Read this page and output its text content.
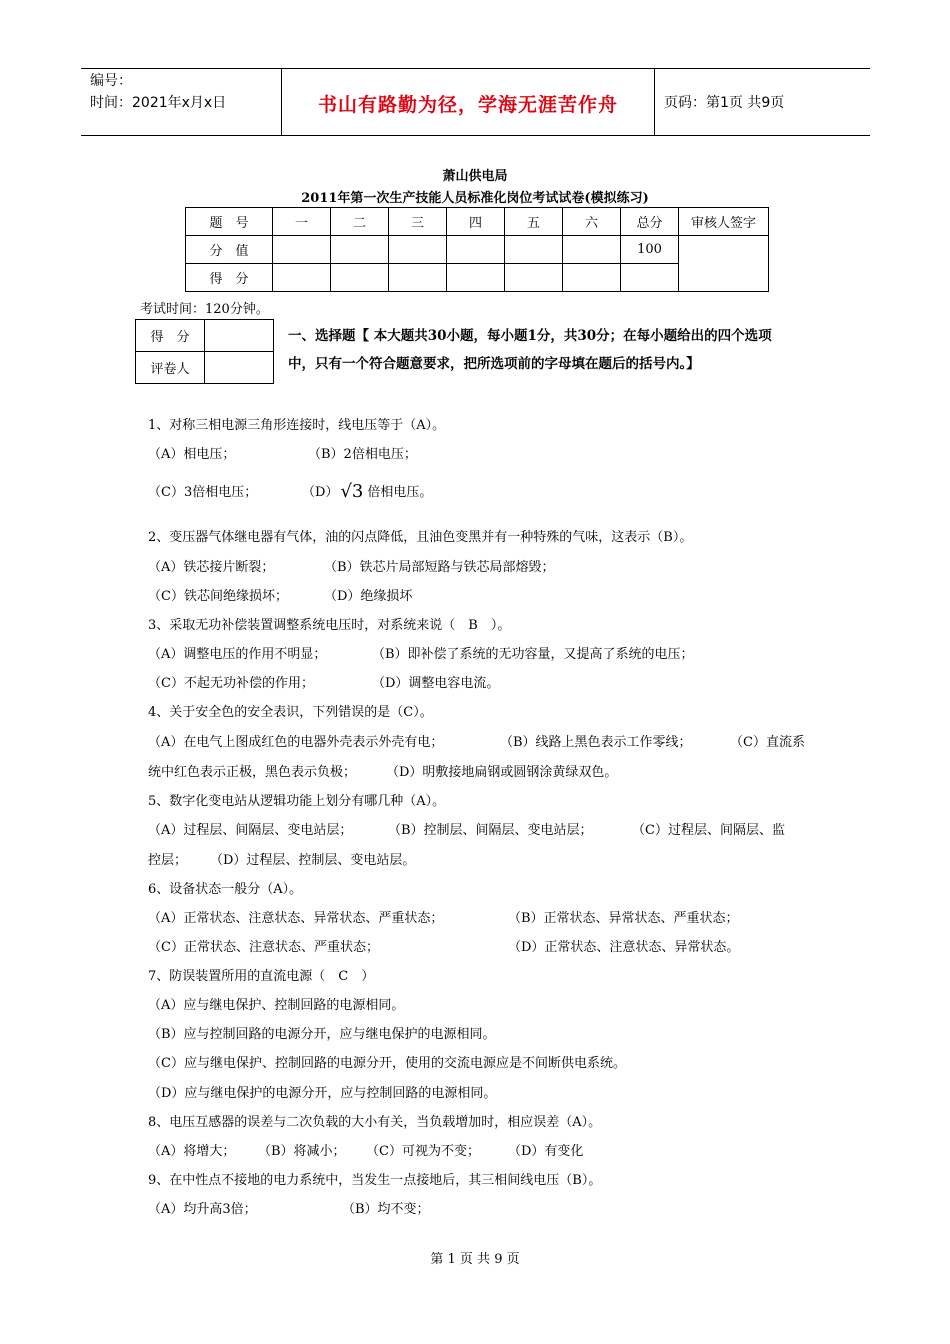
编号：
时间：2021年x月x日	书山有路勤为径，学海无涯苦作舟	页码：第1页 共9页
萧山供电局
2011年第一次生产技能人员标准化岗位考试试卷(模拟练习)
题　号	一	二	三	四	五	六	总分	审核人签字
分　值							100	
得　分								
考试时间：120分钟。
得　分	
评卷人	
一、选择题【 本大题共30小题，每小题1分，共30分；在每小题给出的四个选项
中，只有一个符合题意要求，把所选项前的字母填在题后的括号内。】
1、对称三相电源三角形连接时，线电压等于（A）。
（A）相电压；	（B）2倍相电压；
（C）3倍相电压；	（D） √3 倍相电压。
2、变压器气体继电器有气体，油的闪点降低，且油色变黑并有一种特殊的气味，这表示（B）。
（A）铁芯接片断裂；	（B）铁芯片局部短路与铁芯局部熔毁；
（C）铁芯间绝缘损坏；	（D）绝缘损坏
3、采取无功补偿装置调整系统电压时，对系统来说（　B　）。
（A）调整电压的作用不明显；	（B）即补偿了系统的无功容量，又提高了系统的电压；
（C）不起无功补偿的作用；	（D）调整电容电流。
4、关于安全色的安全表识，下列错误的是（C）。
（A）在电气上图成红色的电器外壳表示外壳有电；	（B）线路上黑色表示工作零线；	（C）直流系
统中红色表示正极，黑色表示负极； （D）明敷接地扁钢或圆钢涂黄绿双色。
5、数字化变电站从逻辑功能上划分有哪几种（A）。
（A）过程层、间隔层、变电站层；	（B）控制层、间隔层、变电站层；	（C）过程层、间隔层、监
控层； （D）过程层、控制层、变电站层。
6、设备状态一般分（A）。
（A）正常状态、注意状态、异常状态、严重状态；	（B）正常状态、异常状态、严重状态；
（C）正常状态、注意状态、严重状态；	（D）正常状态、注意状态、异常状态。
7、防误装置所用的直流电源（　C　）
（A）应与继电保护、控制回路的电源相同。
（B）应与控制回路的电源分开，应与继电保护的电源相同。
（C）应与继电保护、控制回路的电源分开，使用的交流电源应是不间断供电系统。
（D）应与继电保护的电源分开，应与控制回路的电源相同。
8、电压互感器的误差与二次负载的大小有关，当负载增加时，相应误差（A）。
（A）将增大； （B）将减小； （C）可视为不变； （D）有变化
9、在中性点不接地的电力系统中，当发生一点接地后，其三相间线电压（B）。
（A）均升高3倍；	（B）均不变；
第 1 页 共 9 页
